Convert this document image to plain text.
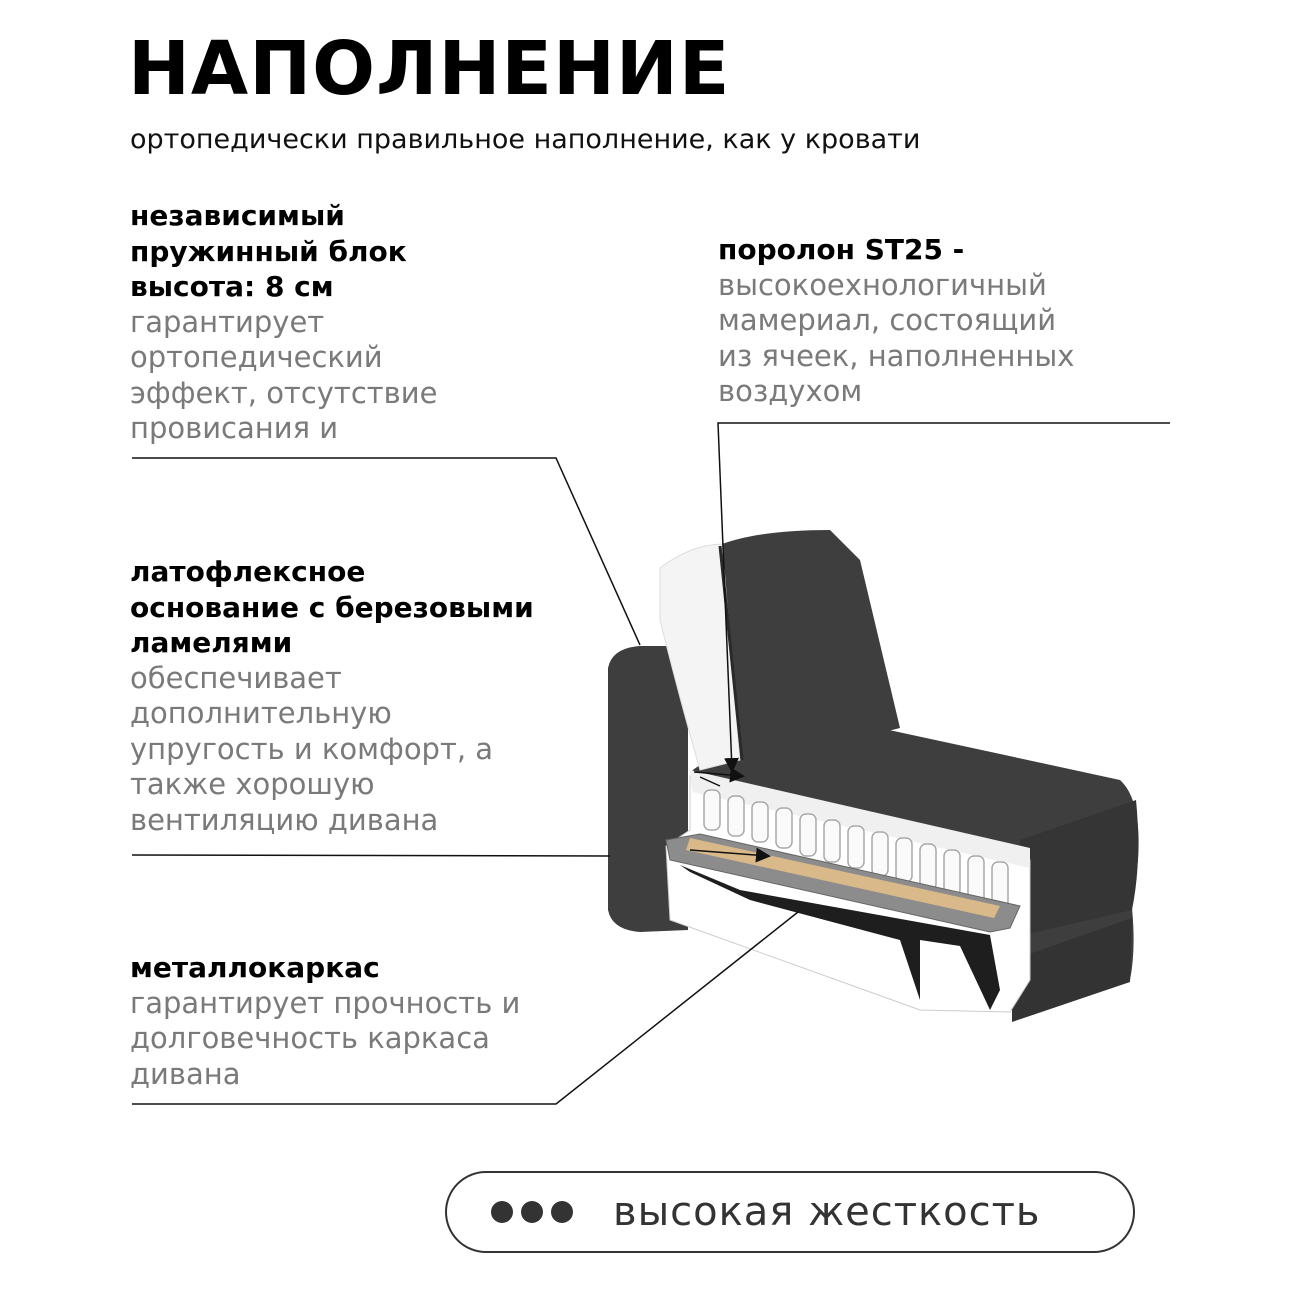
НАПОЛНЕНИЕ
ортопедически правильное наполнение, как у кровати
независимый
пружинный блок
высота: 8 см
гарантирует
ортопедический
эффект, отсутствие
провисания и
поролон ST25 -
высокоехнологичный
мамериал, состоящий
из ячеек, наполненных
воздухом
латофлексное
основание с березовыми
ламелями
обеспечивает
дополнительную
упругость и комфорт, а
также хорошую
вентиляцию дивана
металлокаркас
гарантирует прочность и
долговечность каркаса
дивана
высокая жесткость
